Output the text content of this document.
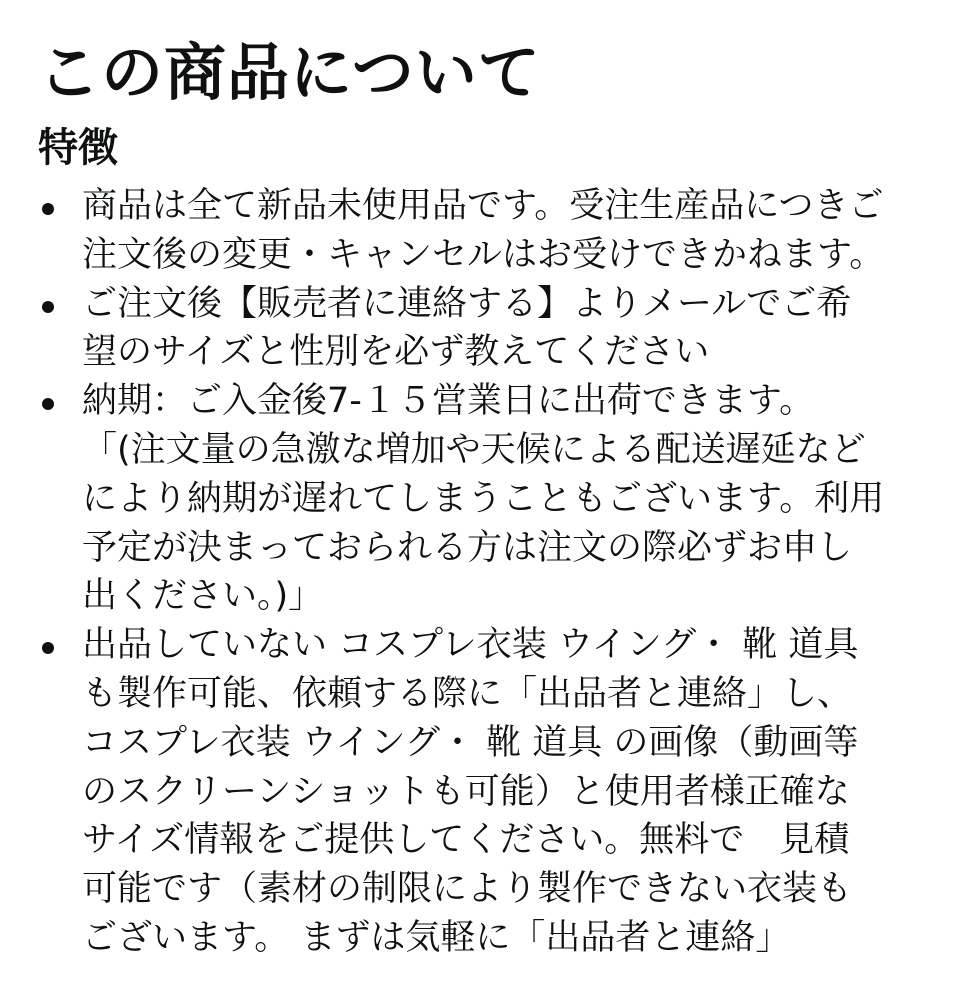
この商品について
特徴
商品は全て新品未使用品です。受注生産品につきご
注文後の変更・キャンセルはお受けできかねます。
ご注文後【販売者に連絡する】よりメールでご希
望のサイズと性別を必ず教えてください
納期：ご入金後7-１５営業日に出荷できます。
「(注文量の急激な増加や天候による配送遅延など
により納期が遅れてしまうこともございます。利用
予定が決まっておられる方は注文の際必ずお申し
出ください。)」
出品していない コスプレ衣装 ウイング・ 靴 道具
も製作可能、依頼する際に「出品者と連絡」し、
コスプレ衣装 ウイング・ 靴 道具 の画像（動画等
のスクリーンショットも可能）と使用者様正確な
サイズ情報をご提供してください。無料で　見積
可能です（素材の制限により製作できない衣装も
ございます。 まずは気軽に「出品者と連絡」
